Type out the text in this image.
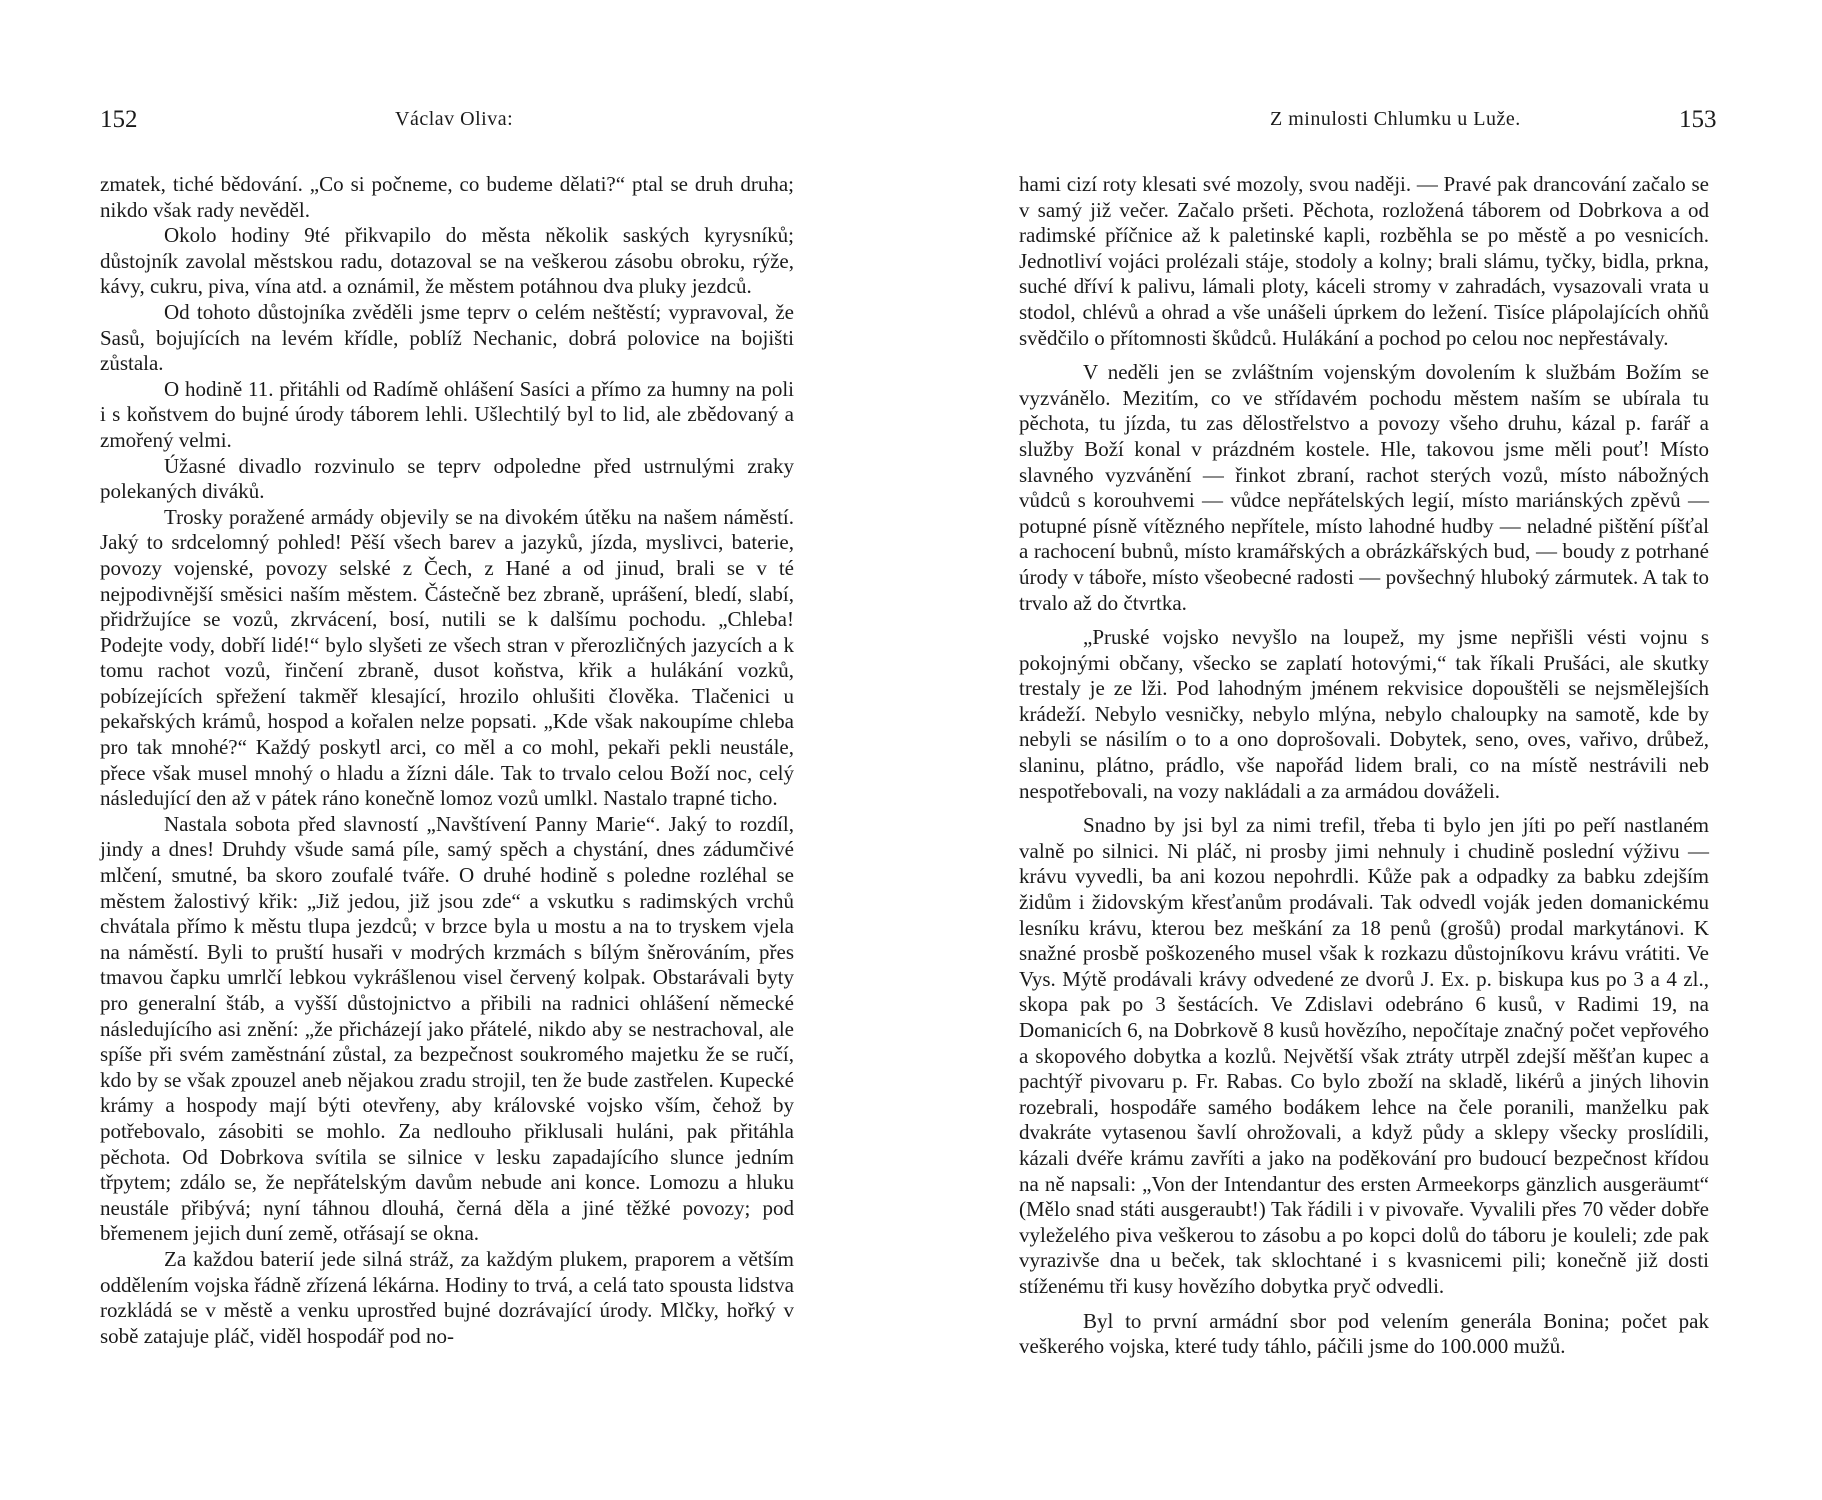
152	Václav Oliva:

zmatek, tiché bědování. „Co si počneme, co budeme dělati?“ ptal se druh druha; nikdo však rady nevěděl.

Okolo hodiny 9té přikvapilo do města několik saských kyrysníků; důstojník zavolal městskou radu, dotazoval se na veškerou zásobu obroku, rýže, kávy, cukru, piva, vína atd. a oznámil, že městem potáhnou dva pluky jezdců.

Od tohoto důstojníka zvěděli jsme teprv o celém neštěstí; vypravoval, že Sasů, bojujících na levém křídle, poblíž Nechanic, dobrá polovice na bojišti zůstala.

O hodině 11. přitáhli od Radímě ohlášení Sasíci a přímo za humny na poli i s koňstvem do bujné úrody táborem lehli. Ušlechtilý byl to lid, ale zbědovaný a zmořený velmi.

Úžasné divadlo rozvinulo se teprv odpoledne před ustrnulými zraky polekaných diváků.

Trosky poražené armády objevily se na divokém útěku na našem náměstí. Jaký to srdcelomný pohled! Pěší všech barev a jazyků, jízda, myslivci, baterie, povozy vojenské, povozy selské z Čech, z Hané a od jinud, brali se v té nejpodivnější směsici naším městem. Částečně bez zbraně, uprášení, bledí, slabí, přidržujíce se vozů, zkrvácení, bosí, nutili se k dalšímu pochodu. „Chleba! Podejte vody, dobří lidé!“ bylo slyšeti ze všech stran v přerozličných jazycích a k tomu rachot vozů, řinčení zbraně, dusot koňstva, křik a hulákání vozků, pobízejících spřežení takměř klesající, hrozilo ohlušiti člověka. Tlačenici u pekařských krámů, hospod a kořalen nelze popsati. „Kde však nakoupíme chleba pro tak mnohé?“ Každý poskytl arci, co měl a co mohl, pekaři pekli neustále, přece však musel mnohý o hladu a žízni dále. Tak to trvalo celou Boží noc, celý následující den až v pátek ráno konečně lomoz vozů umlkl. Nastalo trapné ticho.

Nastala sobota před slavností „Navštívení Panny Marie“. Jaký to rozdíl, jindy a dnes! Druhdy všude samá píle, samý spěch a chystání, dnes zádumčivé mlčení, smutné, ba skoro zoufalé tváře. O druhé hodině s poledne rozléhal se městem žalostivý křik: „Již jedou, již jsou zde“ a vskutku s radimských vrchů chvátala přímo k městu tlupa jezdců; v brzce byla u mostu a na to tryskem vjela na náměstí. Byli to pruští husaři v modrých krzmách s bílým šněrováním, přes tmavou čapku umrlčí lebkou vykrášlenou visel červený kolpak. Obstarávali byty pro generalní štáb, a vyšší důstojnictvo a přibili na radnici ohlášení německé následujícího asi znění: „že přicházejí jako přátelé, nikdo aby se nestrachoval, ale spíše při svém zaměstnání zůstal, za bezpečnost soukromého majetku že se ručí, kdo by se však zpouzel aneb nějakou zradu strojil, ten že bude zastřelen. Kupecké krámy a hospody mají býti otevřeny, aby královské vojsko vším, čehož by potřebovalo, zásobiti se mohlo. Za nedlouho přiklusali huláni, pak přitáhla pěchota. Od Dobrkova svítila se silnice v lesku zapadajícího slunce jedním třpytem; zdálo se, že nepřátelským davům nebude ani konce. Lomozu a hluku neustále přibývá; nyní táhnou dlouhá, černá děla a jiné těžké povozy; pod břemenem jejich duní země, otřásají se okna.

Za každou baterií jede silná stráž, za každým plukem, praporem a větším oddělením vojska řádně zřízená lékárna. Hodiny to trvá, a celá tato spousta lidstva rozkládá se v městě a venku uprostřed bujné dozrávající úrody. Mlčky, hořký v sobě zatajuje pláč, viděl hospodář pod no-

Z minulosti Chlumku u Luže.	153

hami cizí roty klesati své mozoly, svou naději. — Pravé pak drancování začalo se v samý již večer. Začalo pršeti. Pěchota, rozložená táborem od Dobrkova a od radimské příčnice až k paletinské kapli, rozběhla se po městě a po vesnicích. Jednotliví vojáci prolézali stáje, stodoly a kolny; brali slámu, tyčky, bidla, prkna, suché dříví k palivu, lámali ploty, káceli stromy v zahradách, vysazovali vrata u stodol, chlévů a ohrad a vše unášeli úprkem do ležení. Tisíce plápolajících ohňů svědčilo o přítomnosti škůdců. Hulákání a pochod po celou noc nepřestávaly.

V neděli jen se zvláštním vojenským dovolením k službám Božím se vyzvánělo. Mezitím, co ve střídavém pochodu městem naším se ubírala tu pěchota, tu jízda, tu zas dělostřelstvo a povozy všeho druhu, kázal p. farář a služby Boží konal v prázdném kostele. Hle, takovou jsme měli pouť! Místo slavného vyzvánění — řinkot zbraní, rachot sterých vozů, místo nábožných vůdců s korouhvemi — vůdce nepřátelských legií, místo mariánských zpěvů — potupné písně vítězného nepřítele, místo lahodné hudby — neladné pištění píšťal a rachocení bubnů, místo kramářských a obrázkářských bud, — boudy z potrhané úrody v táboře, místo všeobecné radosti — povšechný hluboký zármutek. A tak to trvalo až do čtvrtka.

„Pruské vojsko nevyšlo na loupež, my jsme nepřišli vésti vojnu s pokojnými občany, všecko se zaplatí hotovými,“ tak říkali Prušáci, ale skutky trestaly je ze lži. Pod lahodným jménem rekvisice dopouštěli se nejsmělejších krádeží. Nebylo vesničky, nebylo mlýna, nebylo chaloupky na samotě, kde by nebyli se násilím o to a ono doprošovali. Dobytek, seno, oves, vařivo, drůbež, slaninu, plátno, prádlo, vše napořád lidem brali, co na místě nestrávili neb nespotřebovali, na vozy nakládali a za armádou dováželi.

Snadno by jsi byl za nimi trefil, třeba ti bylo jen jíti po peří nastlaném valně po silnici. Ni pláč, ni prosby jimi nehnuly i chudině poslední výživu — krávu vyvedli, ba ani kozou nepohrdli. Kůže pak a odpadky za babku zdejším židům i židovským křesťanům prodávali. Tak odvedl voják jeden domanickému lesníku krávu, kterou bez meškání za 18 penů (grošů) prodal markytánovi. K snažné prosbě poškozeného musel však k rozkazu důstojníkovu krávu vrátiti. Ve Vys. Mýtě prodávali krávy odvedené ze dvorů J. Ex. p. biskupa kus po 3 a 4 zl., skopa pak po 3 šestácích. Ve Zdislavi odebráno 6 kusů, v Radimi 19, na Domanicích 6, na Dobrkově 8 kusů hovězího, nepočítaje značný počet vepřového a skopového dobytka a kozlů. Největší však ztráty utrpěl zdejší měšťan kupec a pachtýř pivovaru p. Fr. Rabas. Co bylo zboží na skladě, likérů a jiných lihovin rozebrali, hospodáře samého bodákem lehce na čele poranili, manželku pak dvakráte vytasenou šavlí ohrožovali, a když půdy a sklepy všecky proslídili, kázali dvéře krámu zavříti a jako na poděkování pro budoucí bezpečnost křídou na ně napsali: „Von der Intendantur des ersten Armeekorps gänzlich ausgeräumt“ (Mělo snad státi ausgeraubt!) Tak řádili i v pivovaře. Vyvalili přes 70 věder dobře vyleželého piva veškerou to zásobu a po kopci dolů do táboru je kouleli; zde pak vyrazivše dna u beček, tak sklochtané i s kvasnicemi pili; konečně již dosti stíženému tři kusy hovězího dobytka pryč odvedli.

Byl to první armádní sbor pod velením generála Bonina; počet pak veškerého vojska, které tudy táhlo, páčili jsme do 100.000 mužů.
